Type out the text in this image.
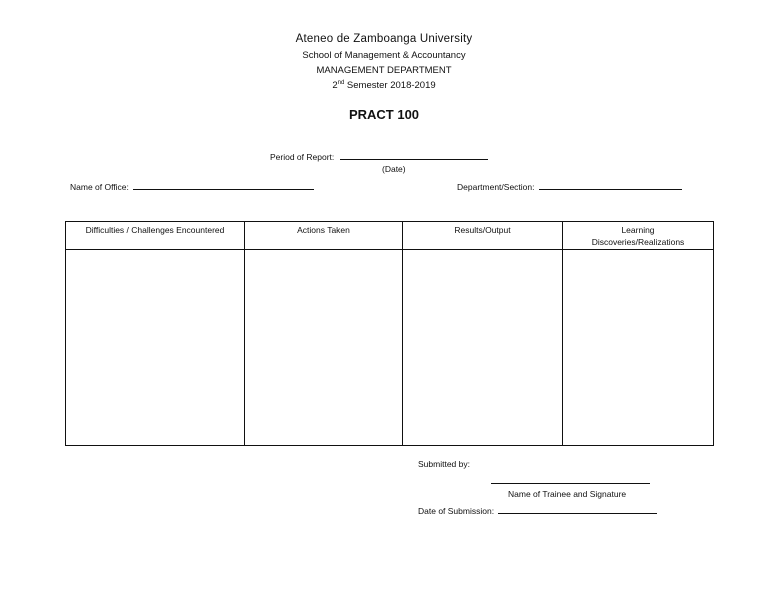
Ateneo de Zamboanga University
School of Management & Accountancy
MANAGEMENT DEPARTMENT
2nd Semester 2018-2019
PRACT 100
Period of Report:
(Date)
Name of Office:	Department/Section:
Difficulties / Challenges Encountered	Actions Taken	Results/Output	Learning Discoveries/Realizations

Submitted by:
Name of Trainee and Signature
Date of Submission:
